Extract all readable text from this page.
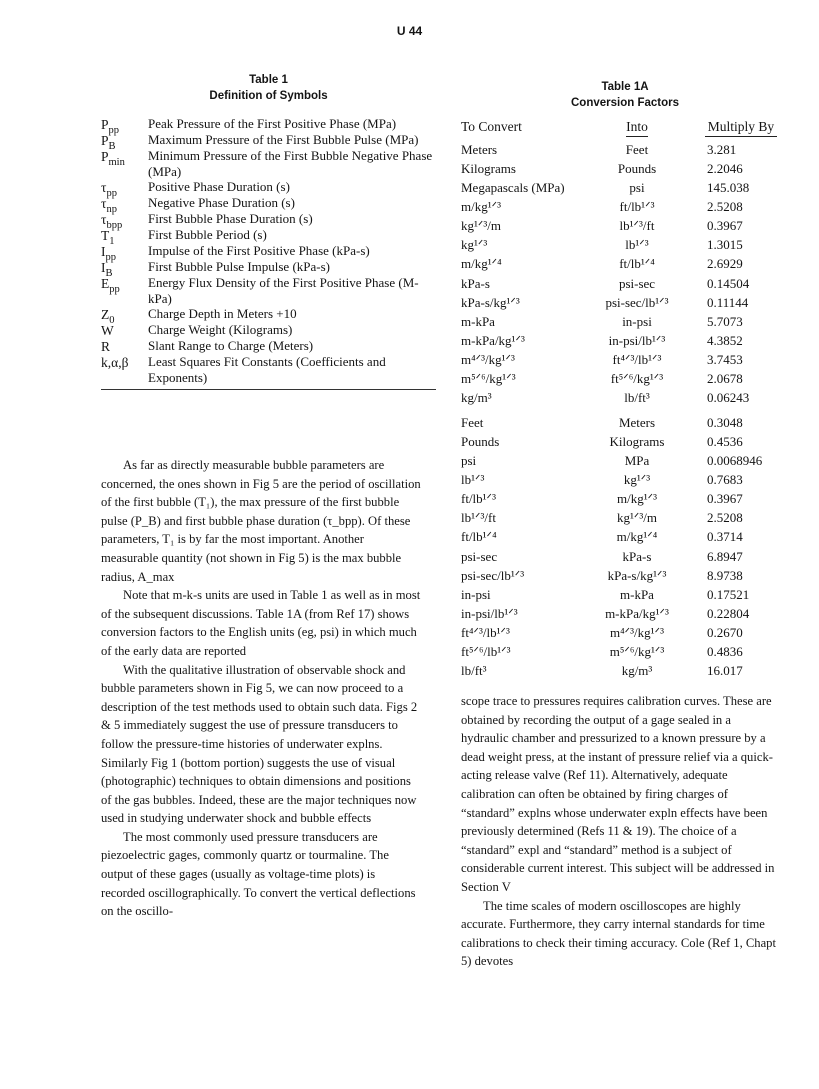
U 44
Table 1
Definition of Symbols
Table 1A
Conversion Factors
$P_{pp}$	Peak Pressure of the First Positive Phase (MPa)
$P_B$	Maximum Pressure of the First Bubble Pulse (MPa)
$P_{min}$	Minimum Pressure of the First Bubble Negative Phase (MPa)
$\tau_{pp}$	Positive Phase Duration (s)
$\tau_{np}$	Negative Phase Duration (s)
$\tau_{bpp}$	First Bubble Phase Duration (s)
$T_1$	First Bubble Period (s)
$I_{pp}$	Impulse of the First Positive Phase (kPa-s)
$I_B$	First Bubble Pulse Impulse (kPa-s)
$E_{pp}$	Energy Flux Density of the First Positive Phase (M-kPa)
$Z_0$	Charge Depth in Meters +10
W	Charge Weight (Kilograms)
R	Slant Range to Charge (Meters)
k,α,β	Least Squares Fit Constants (Coefficients and Exponents)
To Convert	Into	Multiply By
Meters	Feet	3.281
Kilograms	Pounds	2.2046
Megapascals (MPa)	psi	145.038
m/kg¹ᐟ³	ft/lb¹ᐟ³	2.5208
kg¹ᐟ³/m	lb¹ᐟ³/ft	0.3967
kg¹ᐟ³	lb¹ᐟ³	1.3015
m/kg¹ᐟ⁴	ft/lb¹ᐟ⁴	2.6929
kPa-s	psi-sec	0.14504
kPa-s/kg¹ᐟ³	psi-sec/lb¹ᐟ³	0.11144
m-kPa	in-psi	5.7073
m-kPa/kg¹ᐟ³	in-psi/lb¹ᐟ³	4.3852
m⁴ᐟ³/kg¹ᐟ³	ft⁴ᐟ³/lb¹ᐟ³	3.7453
m⁵ᐟ⁶/kg¹ᐟ³	ft⁵ᐟ⁶/kg¹ᐟ³	2.0678
kg/m³	lb/ft³	0.06243
Feet	Meters	0.3048
Pounds	Kilograms	0.4536
psi	MPa	0.0068946
lb¹ᐟ³	kg¹ᐟ³	0.7683
ft/lb¹ᐟ³	m/kg¹ᐟ³	0.3967
lb¹ᐟ³/ft	kg¹ᐟ³/m	2.5208
ft/lb¹ᐟ⁴	m/kg¹ᐟ⁴	0.3714
psi-sec	kPa-s	6.8947
psi-sec/lb¹ᐟ³	kPa-s/kg¹ᐟ³	8.9738
in-psi	m-kPa	0.17521
in-psi/lb¹ᐟ³	m-kPa/kg¹ᐟ³	0.22804
ft⁴ᐟ³/lb¹ᐟ³	m⁴ᐟ³/kg¹ᐟ³	0.2670
ft⁵ᐟ⁶/lb¹ᐟ³	m⁵ᐟ⁶/kg¹ᐟ³	0.4836
lb/ft³	kg/m³	16.017

As far as directly measurable bubble parameters are concerned, the ones shown in Fig 5 are the period of oscillation of the first bubble (T₁), the max pressure of the first bubble pulse (P_B) and first bubble phase duration (τ_bpp). Of these parameters, T₁ is by far the most important. Another measurable quantity (not shown in Fig 5) is the max bubble radius, A_max

Note that m-k-s units are used in Table 1 as well as in most of the subsequent discussions. Table 1A (from Ref 17) shows conversion factors to the English units (eg, psi) in which much of the early data are reported

With the qualitative illustration of observable shock and bubble parameters shown in Fig 5, we can now proceed to a description of the test methods used to obtain such data. Figs 2 & 5 immediately suggest the use of pressure transducers to follow the pressure-time histories of underwater explns. Similarly Fig 1 (bottom portion) suggests the use of visual (photographic) techniques to obtain dimensions and positions of the gas bubbles. Indeed, these are the major techniques now used in studying underwater shock and bubble effects

The most commonly used pressure transducers are piezoelectric gages, commonly quartz or tourmaline. The output of these gages (usually as voltage-time plots) is recorded oscillographically. To convert the vertical deflections on the oscillo-

scope trace to pressures requires calibration curves. These are obtained by recording the output of a gage sealed in a hydraulic chamber and pressurized to a known pressure by a dead weight press, at the instant of pressure relief via a quick-acting release valve (Ref 11). Alternatively, adequate calibration can often be obtained by firing charges of “standard” explns whose underwater expln effects have been previously determined (Refs 11 & 19). The choice of a “standard” expl and “standard” method is a subject of considerable current interest. This subject will be addressed in Section V

The time scales of modern oscilloscopes are highly accurate. Furthermore, they carry internal standards for time calibrations to check their timing accuracy. Cole (Ref 1, Chapt 5) devotes
